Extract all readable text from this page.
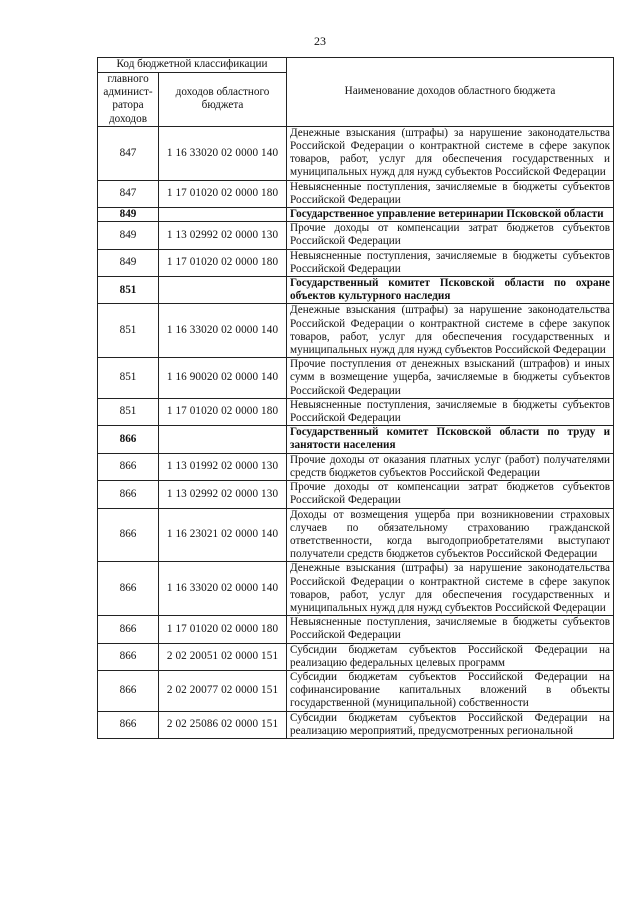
23
Код бюджетной классификации		Наименование доходов областного бюджета
главного админист-ратора доходов	доходов областного бюджета	
847	1 16 33020 02 0000 140	Денежные взыскания (штрафы) за нарушение законодательства Российской Федерации о контрактной системе в сфере закупок товаров, работ, услуг для обеспечения государственных и муниципальных нужд для нужд субъектов Российской Федерации
847	1 17 01020 02 0000 180	Невыясненные поступления, зачисляемые в бюджеты субъектов Российской Федерации
849		Государственное управление ветеринарии Псковской области
849	1 13 02992 02 0000 130	Прочие доходы от компенсации затрат бюджетов субъектов Российской Федерации
849	1 17 01020 02 0000 180	Невыясненные поступления, зачисляемые в бюджеты субъектов Российской Федерации
851		Государственный комитет Псковской области по охране объектов культурного наследия
851	1 16 33020 02 0000 140	Денежные взыскания (штрафы) за нарушение законодательства Российской Федерации о контрактной системе в сфере закупок товаров, работ, услуг для обеспечения государственных и муниципальных нужд для нужд субъектов Российской Федерации
851	1 16 90020 02 0000 140	Прочие поступления от денежных взысканий (штрафов) и иных сумм в возмещение ущерба, зачисляемые в бюджеты субъектов Российской Федерации
851	1 17 01020 02 0000 180	Невыясненные поступления, зачисляемые в бюджеты субъектов Российской Федерации
866		Государственный комитет Псковской области по труду и занятости населения
866	1 13 01992 02 0000 130	Прочие доходы от оказания платных услуг (работ) получателями средств бюджетов субъектов Российской Федерации
866	1 13 02992 02 0000 130	Прочие доходы от компенсации затрат бюджетов субъектов Российской Федерации
866	1 16 23021 02 0000 140	Доходы от возмещения ущерба при возникновении страховых случаев по обязательному страхованию гражданской ответственности, когда выгодоприобретателями выступают получатели средств бюджетов субъектов Российской Федерации
866	1 16 33020 02 0000 140	Денежные взыскания (штрафы) за нарушение законодательства Российской Федерации о контрактной системе в сфере закупок товаров, работ, услуг для обеспечения государственных и муниципальных нужд для нужд субъектов Российской Федерации
866	1 17 01020 02 0000 180	Невыясненные поступления, зачисляемые в бюджеты субъектов Российской Федерации
866	2 02 20051 02 0000 151	Субсидии бюджетам субъектов Российской Федерации на реализацию федеральных целевых программ
866	2 02 20077 02 0000 151	Субсидии бюджетам субъектов Российской Федерации на софинансирование капитальных вложений в объекты государственной (муниципальной) собственности
866	2 02 25086 02 0000 151	Субсидии бюджетам субъектов Российской Федерации на реализацию мероприятий, предусмотренных региональной
